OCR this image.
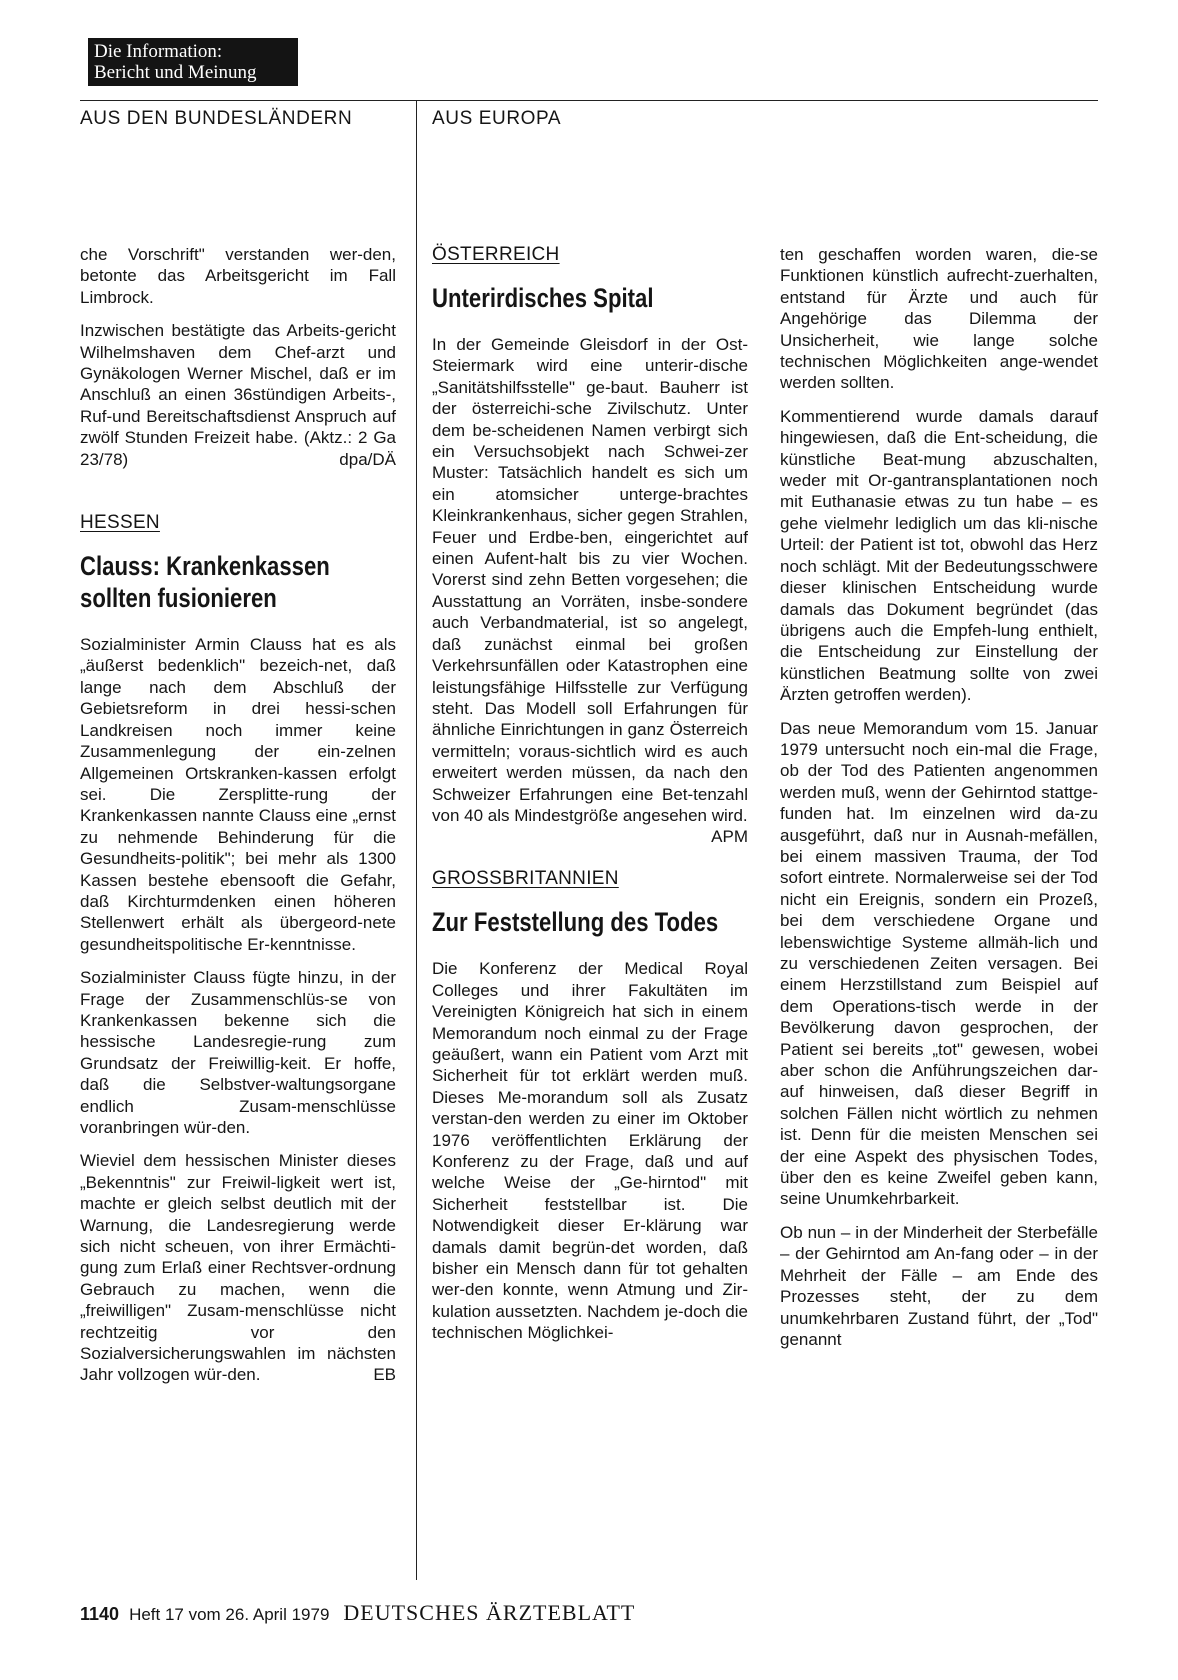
Die Information:
Bericht und Meinung
AUS DEN BUNDESLÄNDERN	AUS EUROPA

che Vorschrift" verstanden wer-den, betonte das Arbeitsgericht im Fall Limbrock.

Inzwischen bestätigte das Arbeits-gericht Wilhelmshaven dem Chef-arzt und Gynäkologen Werner Mischel, daß er im Anschluß an einen 36stündigen Arbeits-, Ruf-und Bereitschaftsdienst Anspruch auf zwölf Stunden Freizeit habe. (Aktz.: 2 Ga 23/78)	dpa/DÄ

HESSEN
Clauss: Krankenkassen sollten fusionieren

Sozialminister Armin Clauss hat es als „äußerst bedenklich" bezeich-net, daß lange nach dem Abschluß der Gebietsreform in drei hessi-schen Landkreisen noch immer keine Zusammenlegung der ein-zelnen Allgemeinen Ortskranken-kassen erfolgt sei. Die Zersplitte-rung der Krankenkassen nannte Clauss eine „ernst zu nehmende Behinderung für die Gesundheits-politik"; bei mehr als 1300 Kassen bestehe ebensooft die Gefahr, daß Kirchturmdenken einen höheren Stellenwert erhält als übergeord-nete gesundheitspolitische Er-kenntnisse.

Sozialminister Clauss fügte hinzu, in der Frage der Zusammenschlüs-se von Krankenkassen bekenne sich die hessische Landesregie-rung zum Grundsatz der Freiwillig-keit. Er hoffe, daß die Selbstver-waltungsorgane endlich Zusam-menschlüsse voranbringen wür-den.

Wieviel dem hessischen Minister dieses „Bekenntnis" zur Freiwil-ligkeit wert ist, machte er gleich selbst deutlich mit der Warnung, die Landesregierung werde sich nicht scheuen, von ihrer Ermächti-gung zum Erlaß einer Rechtsver-ordnung Gebrauch zu machen, wenn die „freiwilligen" Zusam-menschlüsse nicht rechtzeitig vor den Sozialversicherungswahlen im nächsten Jahr vollzogen wür-den.	EB

ÖSTERREICH
Unterirdisches Spital

In der Gemeinde Gleisdorf in der Ost-Steiermark wird eine unterir-dische „Sanitätshilfsstelle" ge-baut. Bauherr ist der österreichi-sche Zivilschutz. Unter dem be-scheidenen Namen verbirgt sich ein Versuchsobjekt nach Schwei-zer Muster: Tatsächlich handelt es sich um ein atomsicher unterge-brachtes Kleinkrankenhaus, sicher gegen Strahlen, Feuer und Erdbe-ben, eingerichtet auf einen Aufent-halt bis zu vier Wochen. Vorerst sind zehn Betten vorgesehen; die Ausstattung an Vorräten, insbe-sondere auch Verbandmaterial, ist so angelegt, daß zunächst einmal bei großen Verkehrsunfällen oder Katastrophen eine leistungsfähige Hilfsstelle zur Verfügung steht. Das Modell soll Erfahrungen für ähnliche Einrichtungen in ganz Österreich vermitteln; voraus-sichtlich wird es auch erweitert werden müssen, da nach den Schweizer Erfahrungen eine Bet-tenzahl von 40 als Mindestgröße angesehen wird.
APM

GROSSBRITANNIEN
Zur Feststellung des Todes

Die Konferenz der Medical Royal Colleges und ihrer Fakultäten im Vereinigten Königreich hat sich in einem Memorandum noch einmal zu der Frage geäußert, wann ein Patient vom Arzt mit Sicherheit für tot erklärt werden muß. Dieses Me-morandum soll als Zusatz verstan-den werden zu einer im Oktober 1976 veröffentlichten Erklärung der Konferenz zu der Frage, daß und auf welche Weise der „Ge-hirntod" mit Sicherheit feststellbar ist. Die Notwendigkeit dieser Er-klärung war damals damit begrün-det worden, daß bisher ein Mensch dann für tot gehalten wer-den konnte, wenn Atmung und Zir-kulation aussetzten. Nachdem je-doch die technischen Möglichkei-

ten geschaffen worden waren, die-se Funktionen künstlich aufrecht-zuerhalten, entstand für Ärzte und auch für Angehörige das Dilemma der Unsicherheit, wie lange solche technischen Möglichkeiten ange-wendet werden sollten.

Kommentierend wurde damals darauf hingewiesen, daß die Ent-scheidung, die künstliche Beat-mung abzuschalten, weder mit Or-gantransplantationen noch mit Euthanasie etwas zu tun habe – es gehe vielmehr lediglich um das kli-nische Urteil: der Patient ist tot, obwohl das Herz noch schlägt. Mit der Bedeutungsschwere dieser klinischen Entscheidung wurde damals das Dokument begründet (das übrigens auch die Empfeh-lung enthielt, die Entscheidung zur Einstellung der künstlichen Beatmung sollte von zwei Ärzten getroffen werden).

Das neue Memorandum vom 15. Januar 1979 untersucht noch ein-mal die Frage, ob der Tod des Patienten angenommen werden muß, wenn der Gehirntod stattge-funden hat. Im einzelnen wird da-zu ausgeführt, daß nur in Ausnah-mefällen, bei einem massiven Trauma, der Tod sofort eintrete. Normalerweise sei der Tod nicht ein Ereignis, sondern ein Prozeß, bei dem verschiedene Organe und lebenswichtige Systeme allmäh-lich und zu verschiedenen Zeiten versagen. Bei einem Herzstillstand zum Beispiel auf dem Operations-tisch werde in der Bevölkerung davon gesprochen, der Patient sei bereits „tot" gewesen, wobei aber schon die Anführungszeichen dar-auf hinweisen, daß dieser Begriff in solchen Fällen nicht wörtlich zu nehmen ist. Denn für die meisten Menschen sei der eine Aspekt des physischen Todes, über den es keine Zweifel geben kann, seine Unumkehrbarkeit.

Ob nun – in der Minderheit der Sterbefälle – der Gehirntod am An-fang oder – in der Mehrheit der Fälle – am Ende des Prozesses steht, der zu dem unumkehrbaren Zustand führt, der „Tod" genannt

1140 Heft 17 vom 26. April 1979 DEUTSCHES ÄRZTEBLATT
